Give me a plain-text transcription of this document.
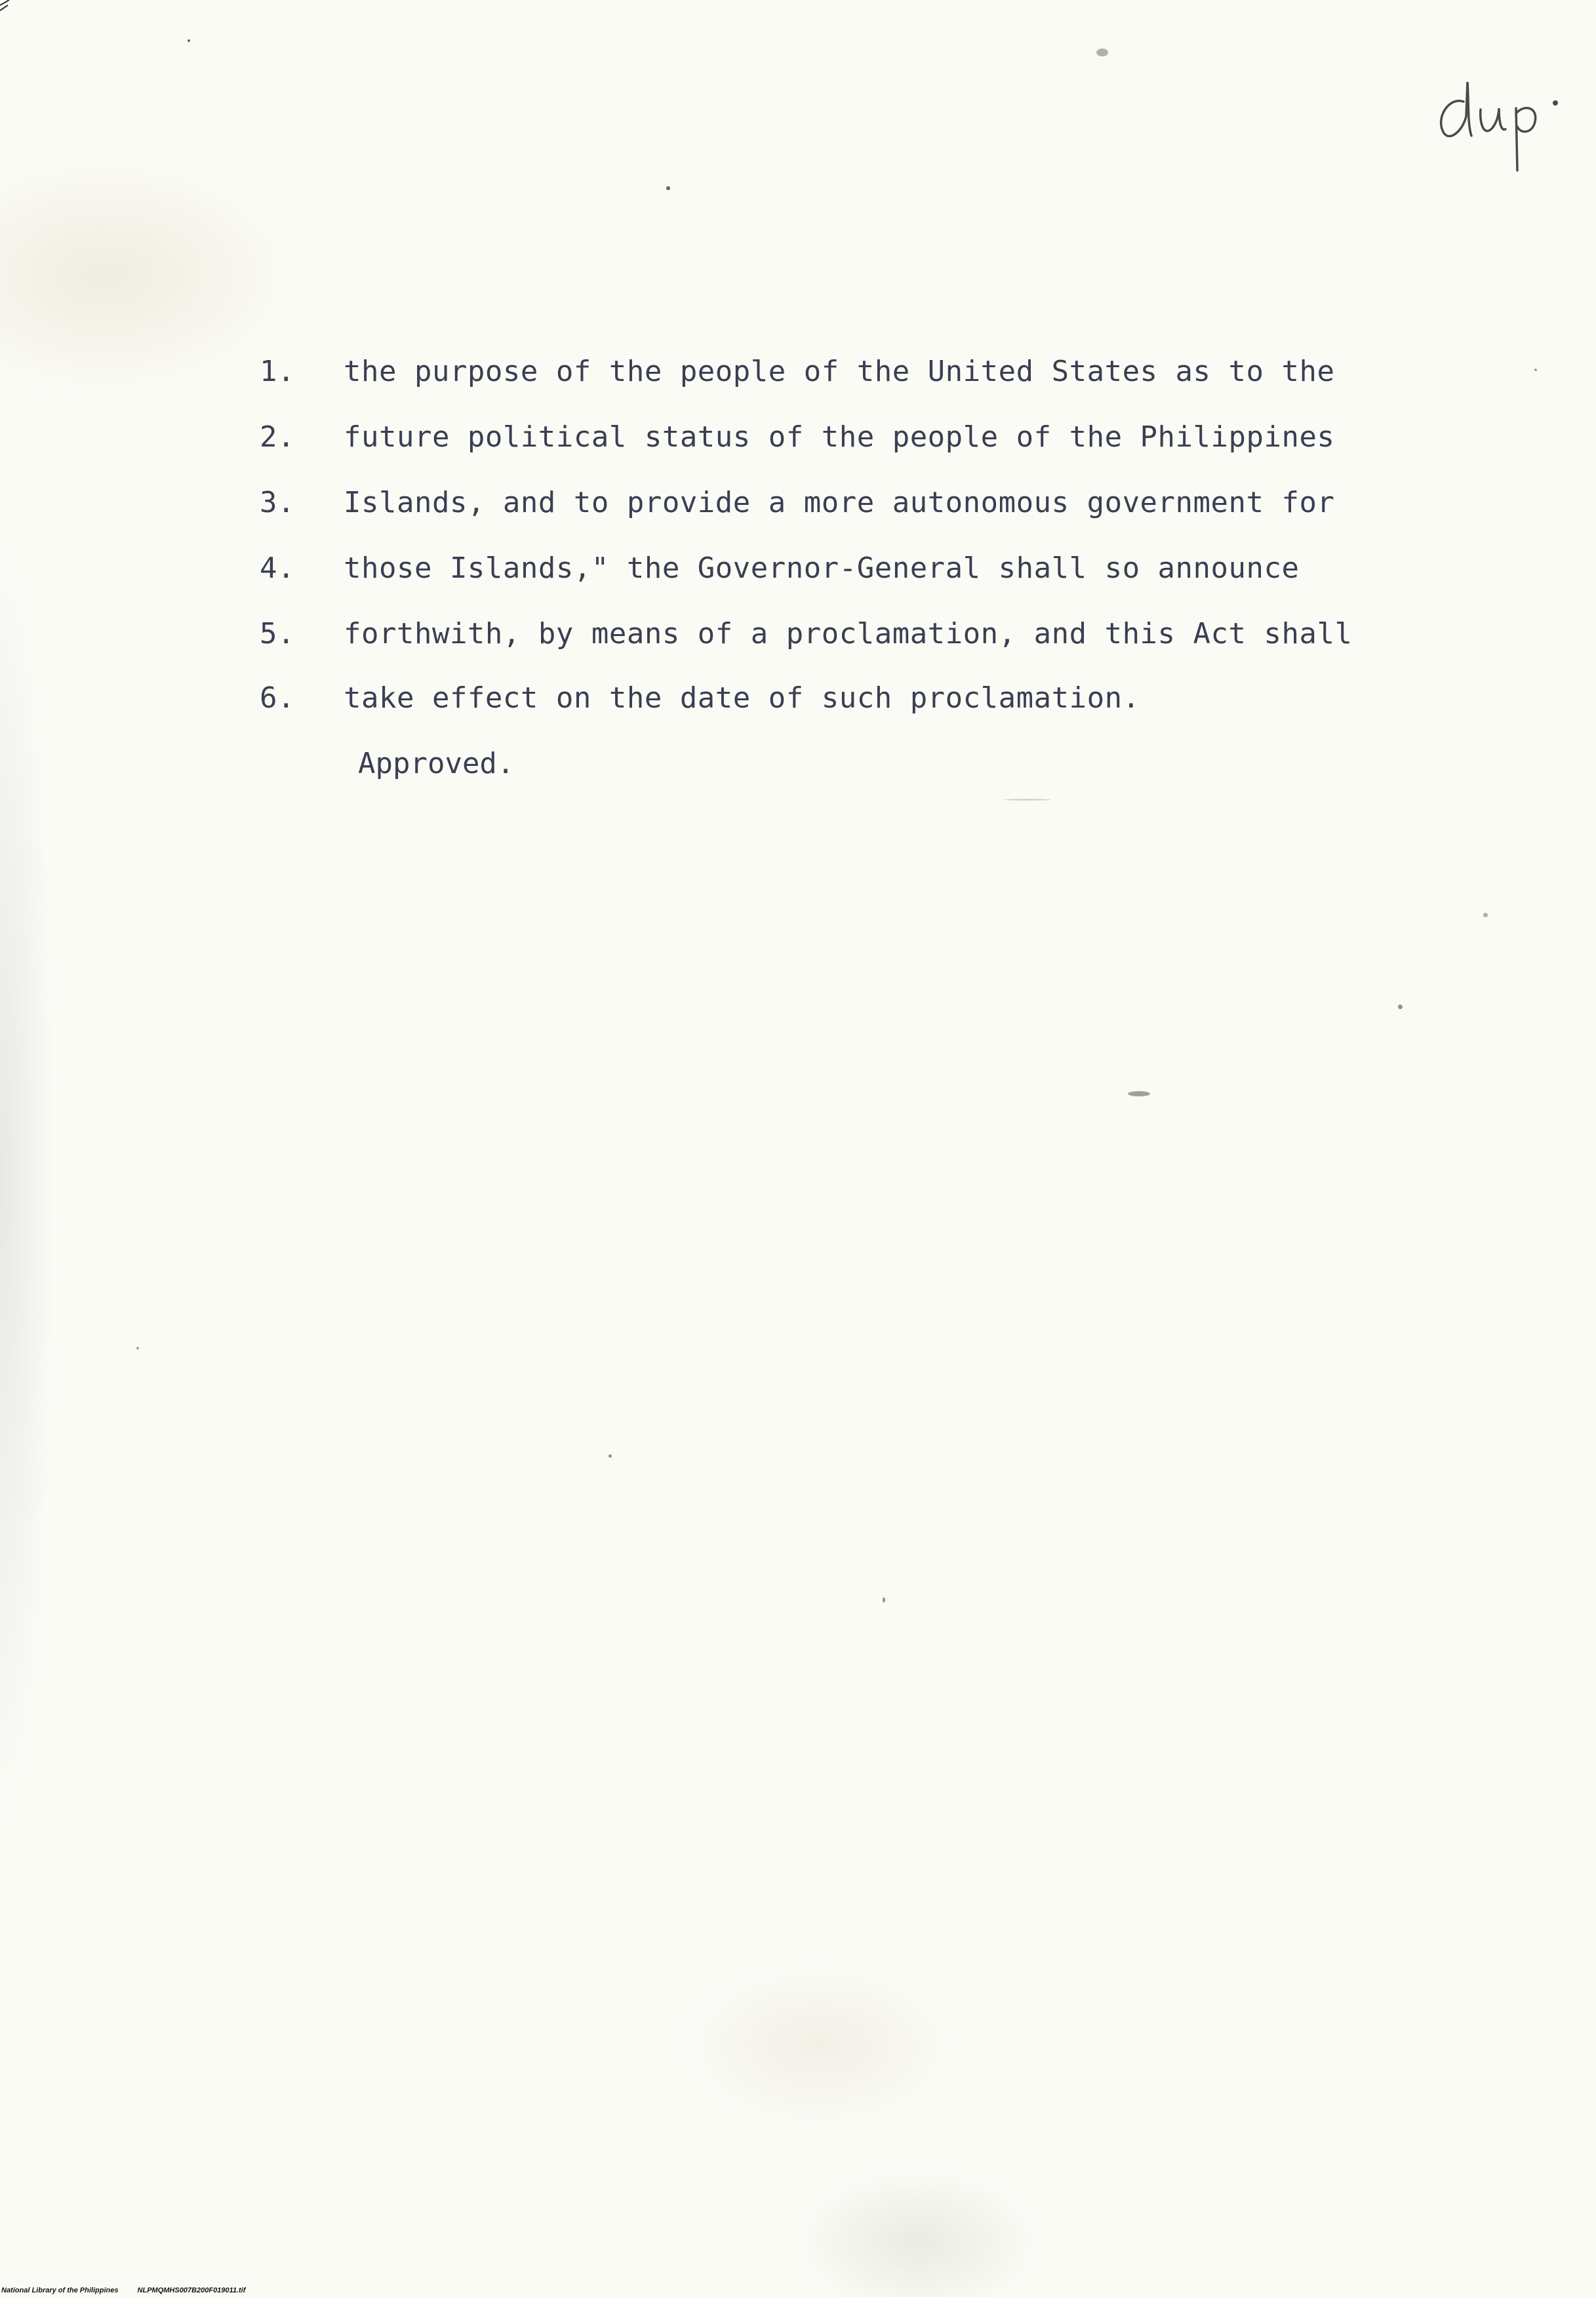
1.	the purpose of the people of the United States as to the
2.	future political status of the people of the Philippines
3.	Islands, and to provide a more autonomous government for
4.	those Islands," the Governor-General shall so announce
5.	forthwith, by means of a proclamation, and this Act shall
6.	take effect on the date of such proclamation.
Approved.
National Library of the Philippines	NLPMQMHS007B200F019011.tif
